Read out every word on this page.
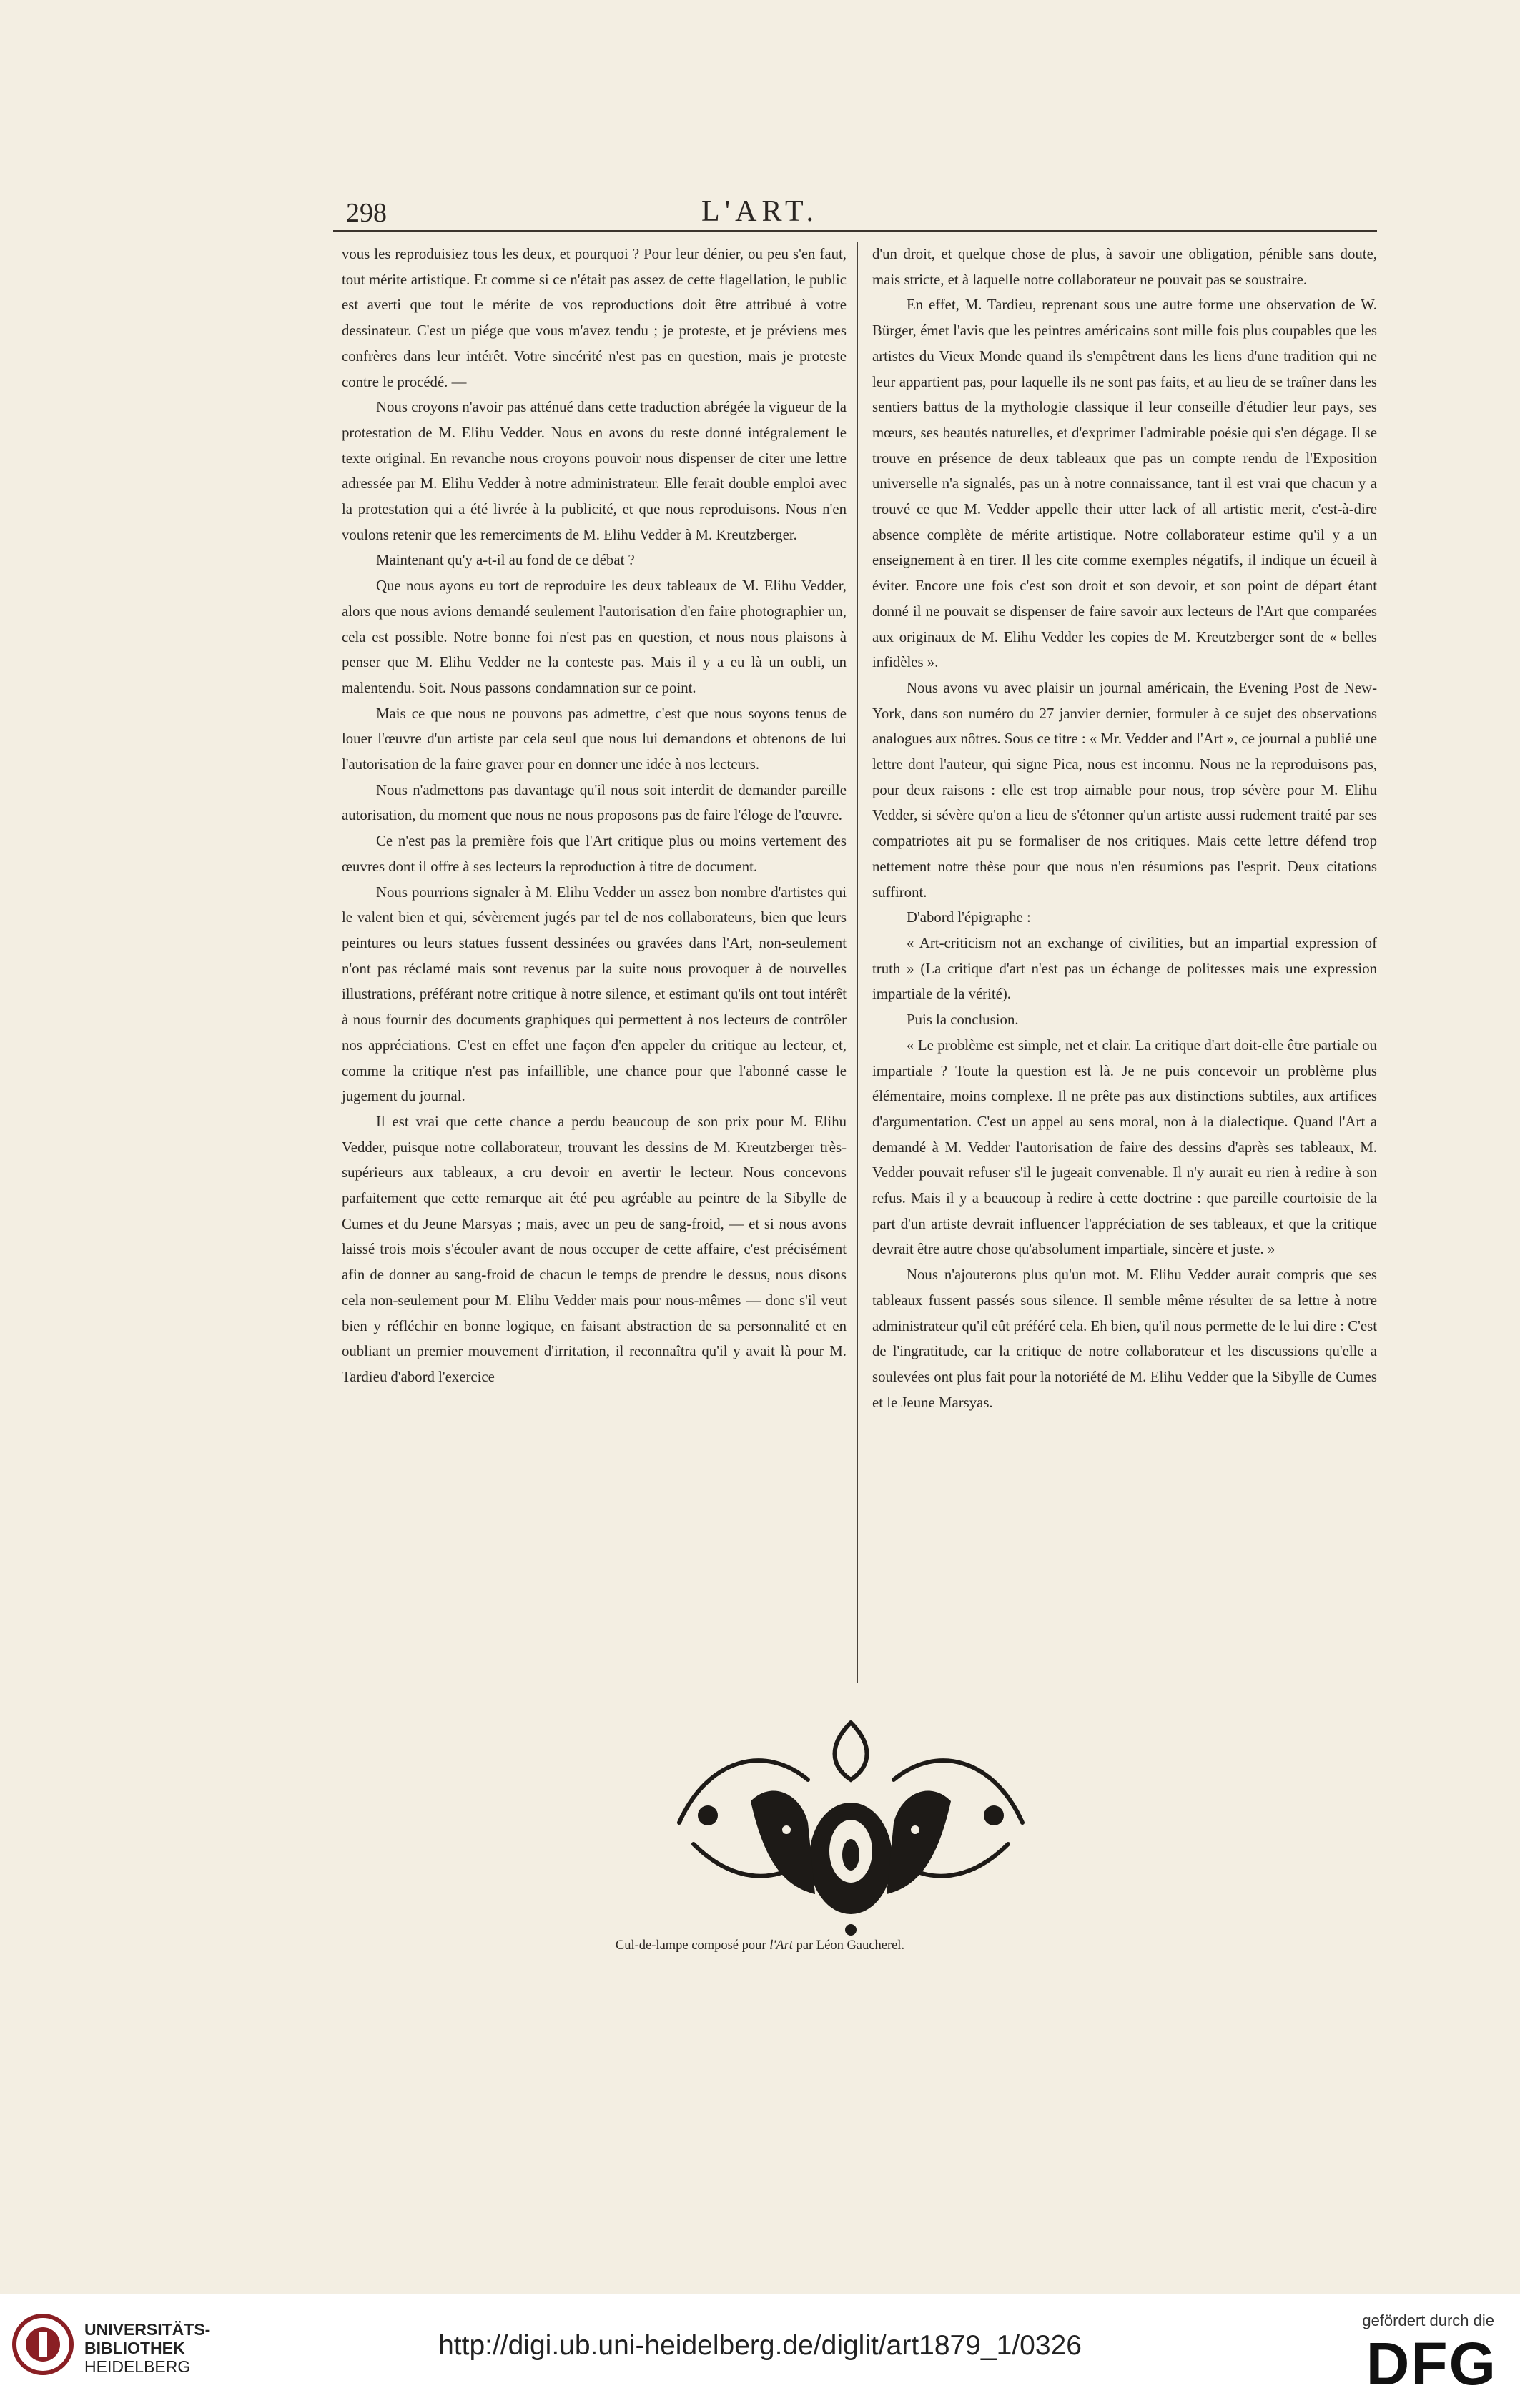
298	L'ART.

vous les reproduisiez tous les deux, et pourquoi ? Pour leur dénier, ou peu s'en faut, tout mérite artistique. Et comme si ce n'était pas assez de cette flagellation, le public est averti que tout le mérite de vos reproductions doit être attribué à votre dessinateur. C'est un piége que vous m'avez tendu ; je proteste, et je préviens mes confrères dans leur intérêt. Votre sincérité n'est pas en question, mais je proteste contre le procédé. —

Nous croyons n'avoir pas atténué dans cette traduction abrégée la vigueur de la protestation de M. Elihu Vedder. Nous en avons du reste donné intégralement le texte original. En revanche nous croyons pouvoir nous dispenser de citer une lettre adressée par M. Elihu Vedder à notre administrateur. Elle ferait double emploi avec la protestation qui a été livrée à la publicité, et que nous reproduisons. Nous n'en voulons retenir que les remerciments de M. Elihu Vedder à M. Kreutzberger.

Maintenant qu'y a-t-il au fond de ce débat ?

Que nous ayons eu tort de reproduire les deux tableaux de M. Elihu Vedder, alors que nous avions demandé seulement l'autorisation d'en faire photographier un, cela est possible. Notre bonne foi n'est pas en question, et nous nous plaisons à penser que M. Elihu Vedder ne la conteste pas. Mais il y a eu là un oubli, un malentendu. Soit. Nous passons condamnation sur ce point.

Mais ce que nous ne pouvons pas admettre, c'est que nous soyons tenus de louer l'œuvre d'un artiste par cela seul que nous lui demandons et obtenons de lui l'autorisation de la faire graver pour en donner une idée à nos lecteurs.

Nous n'admettons pas davantage qu'il nous soit interdit de demander pareille autorisation, du moment que nous ne nous proposons pas de faire l'éloge de l'œuvre.

Ce n'est pas la première fois que l'Art critique plus ou moins vertement des œuvres dont il offre à ses lecteurs la reproduction à titre de document.

Nous pourrions signaler à M. Elihu Vedder un assez bon nombre d'artistes qui le valent bien et qui, sévèrement jugés par tel de nos collaborateurs, bien que leurs peintures ou leurs statues fussent dessinées ou gravées dans l'Art, non-seulement n'ont pas réclamé mais sont revenus par la suite nous provoquer à de nouvelles illustrations, préférant notre critique à notre silence, et estimant qu'ils ont tout intérêt à nous fournir des documents graphiques qui permettent à nos lecteurs de contrôler nos appréciations. C'est en effet une façon d'en appeler du critique au lecteur, et, comme la critique n'est pas infaillible, une chance pour que l'abonné casse le jugement du journal.

Il est vrai que cette chance a perdu beaucoup de son prix pour M. Elihu Vedder, puisque notre collaborateur, trouvant les dessins de M. Kreutzberger très-supérieurs aux tableaux, a cru devoir en avertir le lecteur. Nous concevons parfaitement que cette remarque ait été peu agréable au peintre de la Sibylle de Cumes et du Jeune Marsyas ; mais, avec un peu de sang-froid, — et si nous avons laissé trois mois s'écouler avant de nous occuper de cette affaire, c'est précisément afin de donner au sang-froid de chacun le temps de prendre le dessus, nous disons cela non-seulement pour M. Elihu Vedder mais pour nous-mêmes — donc s'il veut bien y réfléchir en bonne logique, en faisant abstraction de sa personnalité et en oubliant un premier mouvement d'irritation, il reconnaîtra qu'il y avait là pour M. Tardieu d'abord l'exercice

d'un droit, et quelque chose de plus, à savoir une obligation, pénible sans doute, mais stricte, et à laquelle notre collaborateur ne pouvait pas se soustraire.

En effet, M. Tardieu, reprenant sous une autre forme une observation de W. Bürger, émet l'avis que les peintres américains sont mille fois plus coupables que les artistes du Vieux Monde quand ils s'empêtrent dans les liens d'une tradition qui ne leur appartient pas, pour laquelle ils ne sont pas faits, et au lieu de se traîner dans les sentiers battus de la mythologie classique il leur conseille d'étudier leur pays, ses mœurs, ses beautés naturelles, et d'exprimer l'admirable poésie qui s'en dégage. Il se trouve en présence de deux tableaux que pas un compte rendu de l'Exposition universelle n'a signalés, pas un à notre connaissance, tant il est vrai que chacun y a trouvé ce que M. Vedder appelle their utter lack of all artistic merit, c'est-à-dire absence complète de mérite artistique. Notre collaborateur estime qu'il y a un enseignement à en tirer. Il les cite comme exemples négatifs, il indique un écueil à éviter. Encore une fois c'est son droit et son devoir, et son point de départ étant donné il ne pouvait se dispenser de faire savoir aux lecteurs de l'Art que comparées aux originaux de M. Elihu Vedder les copies de M. Kreutzberger sont de « belles infidèles ».

Nous avons vu avec plaisir un journal américain, the Evening Post de New-York, dans son numéro du 27 janvier dernier, formuler à ce sujet des observations analogues aux nôtres. Sous ce titre : « Mr. Vedder and l'Art », ce journal a publié une lettre dont l'auteur, qui signe Pica, nous est inconnu. Nous ne la reproduisons pas, pour deux raisons : elle est trop aimable pour nous, trop sévère pour M. Elihu Vedder, si sévère qu'on a lieu de s'étonner qu'un artiste aussi rudement traité par ses compatriotes ait pu se formaliser de nos critiques. Mais cette lettre défend trop nettement notre thèse pour que nous n'en résumions pas l'esprit. Deux citations suffiront.

D'abord l'épigraphe :

« Art-criticism not an exchange of civilities, but an impartial expression of truth » (La critique d'art n'est pas un échange de politesses mais une expression impartiale de la vérité).

Puis la conclusion.

« Le problème est simple, net et clair. La critique d'art doit-elle être partiale ou impartiale ? Toute la question est là. Je ne puis concevoir un problème plus élémentaire, moins complexe. Il ne prête pas aux distinctions subtiles, aux artifices d'argumentation. C'est un appel au sens moral, non à la dialectique. Quand l'Art a demandé à M. Vedder l'autorisation de faire des dessins d'après ses tableaux, M. Vedder pouvait refuser s'il le jugeait convenable. Il n'y aurait eu rien à redire à son refus. Mais il y a beaucoup à redire à cette doctrine : que pareille courtoisie de la part d'un artiste devrait influencer l'appréciation de ses tableaux, et que la critique devrait être autre chose qu'absolument impartiale, sincère et juste. »

Nous n'ajouterons plus qu'un mot. M. Elihu Vedder aurait compris que ses tableaux fussent passés sous silence. Il semble même résulter de sa lettre à notre administrateur qu'il eût préféré cela. Eh bien, qu'il nous permette de le lui dire : C'est de l'ingratitude, car la critique de notre collaborateur et les discussions qu'elle a soulevées ont plus fait pour la notoriété de M. Elihu Vedder que la Sibylle de Cumes et le Jeune Marsyas.

Cul-de-lampe composé pour l'Art par Léon Gaucherel.
UNIVERSITÄTS-
BIBLIOTHEK
HEIDELBERG
http://digi.ub.uni-heidelberg.de/diglit/art1879_1/0326
gefördert durch die
DFG
